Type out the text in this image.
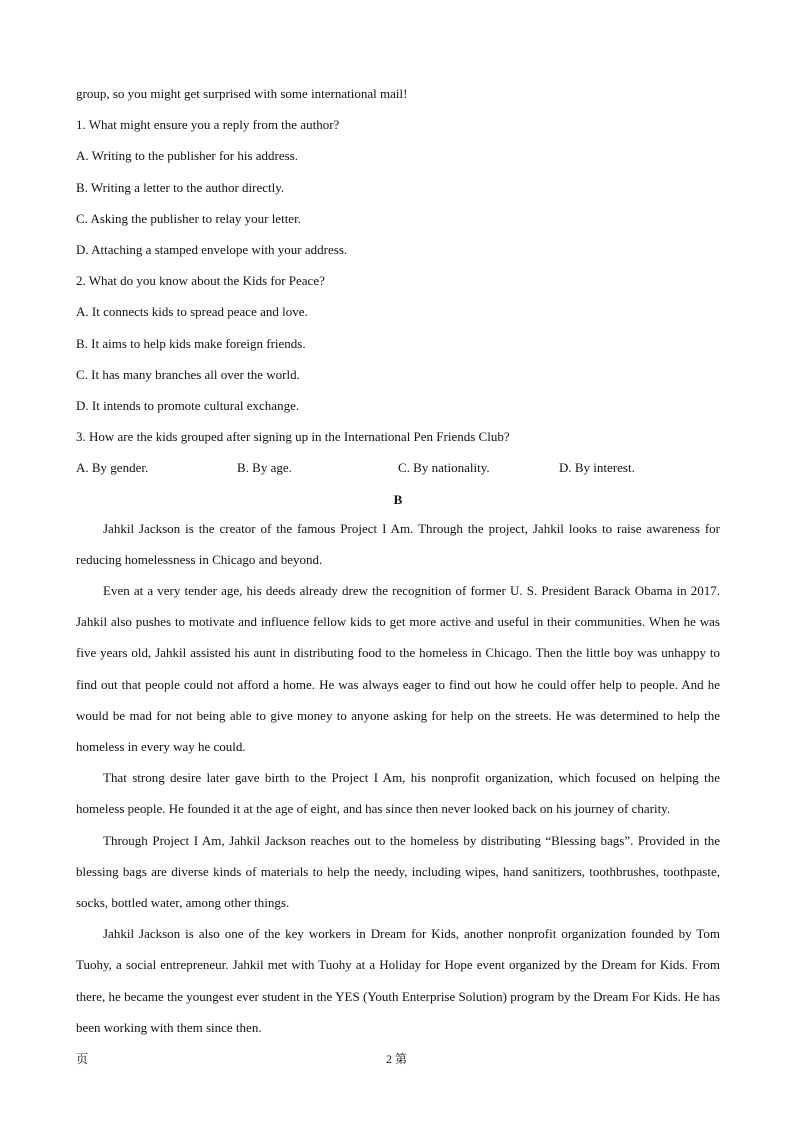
group, so you might get surprised with some international mail!
1. What might ensure you a reply from the author?
A. Writing to the publisher for his address.
B. Writing a letter to the author directly.
C. Asking the publisher to relay your letter.
D. Attaching a stamped envelope with your address.
2. What do you know about the Kids for Peace?
A. It connects kids to spread peace and love.
B. It aims to help kids make foreign friends.
C. It has many branches all over the world.
D. It intends to promote cultural exchange.
3. How are the kids grouped after signing up in the International Pen Friends Club?
A. By gender.	B. By age.	C. By nationality.	D. By interest.
B

Jahkil Jackson is the creator of the famous Project I Am. Through the project, Jahkil looks to raise awareness for reducing homelessness in Chicago and beyond.

Even at a very tender age, his deeds already drew the recognition of former U. S. President Barack Obama in 2017. Jahkil also pushes to motivate and influence fellow kids to get more active and useful in their communities. When he was five years old, Jahkil assisted his aunt in distributing food to the homeless in Chicago. Then the little boy was unhappy to find out that people could not afford a home. He was always eager to find out how he could offer help to people. And he would be mad for not being able to give money to anyone asking for help on the streets. He was determined to help the homeless in every way he could.

That strong desire later gave birth to the Project I Am, his nonprofit organization, which focused on helping the homeless people. He founded it at the age of eight, and has since then never looked back on his journey of charity.

Through Project I Am, Jahkil Jackson reaches out to the homeless by distributing “Blessing bags”. Provided in the blessing bags are diverse kinds of materials to help the needy, including wipes, hand sanitizers, toothbrushes, toothpaste, socks, bottled water, among other things.

Jahkil Jackson is also one of the key workers in Dream for Kids, another nonprofit organization founded by Tom Tuohy, a social entrepreneur. Jahkil met with Tuohy at a Holiday for Hope event organized by the Dream for Kids. From there, he became the youngest ever student in the YES (Youth Enterprise Solution) program by the Dream For Kids. He has been working with them since then.

页	2 第
